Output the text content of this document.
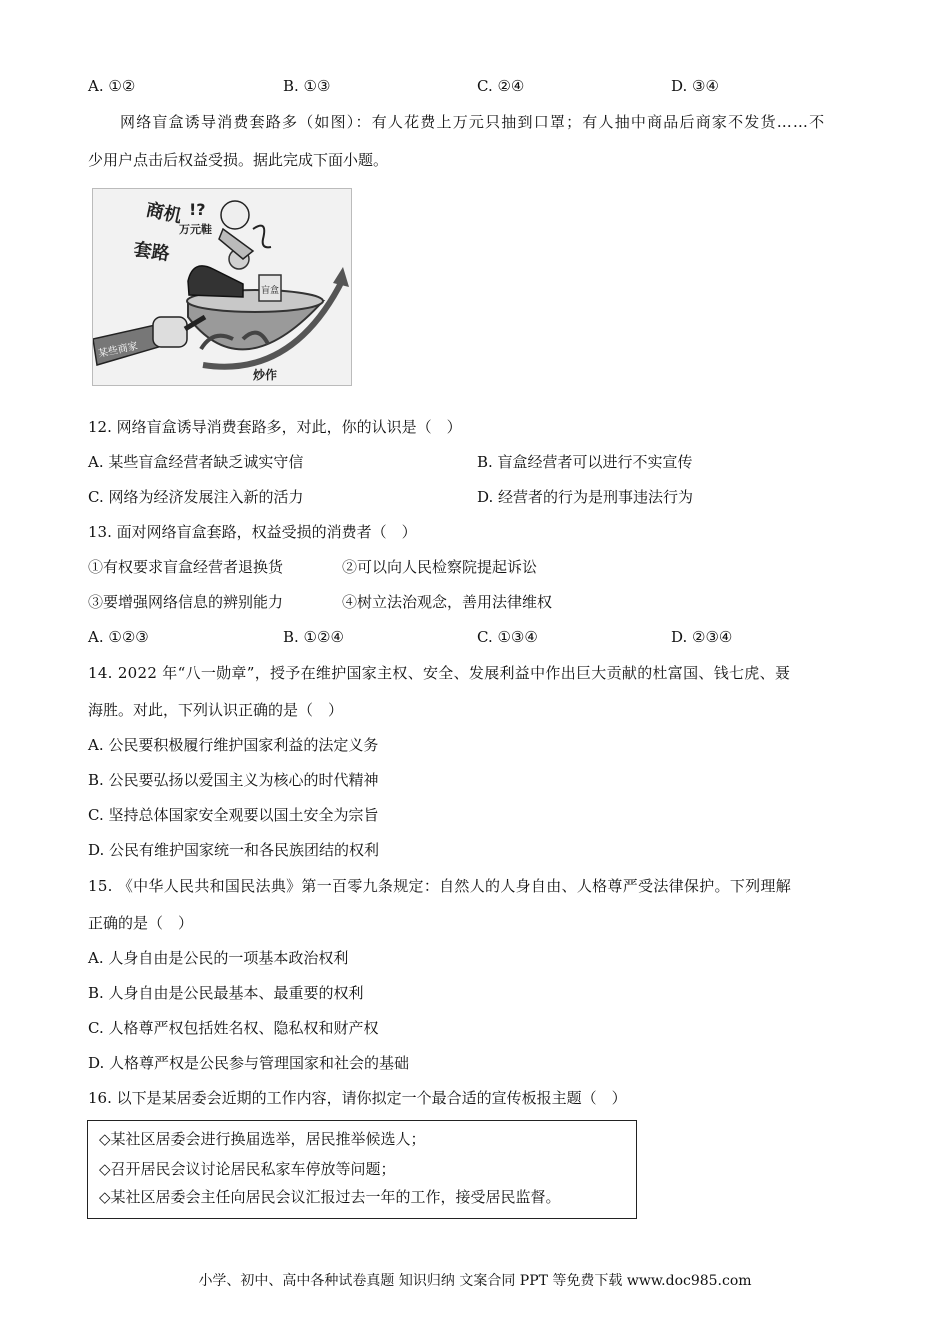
A. ①②	B. ①③	C. ②④	D. ③④
网络盲盒诱导消费套路多（如图）：有人花费上万元只抽到口罩；有人抽中商品后商家不发货……不
少用户点击后权益受损。据此完成下面小题。
商机 !?
套路
万元鞋
盲盒
某些商家
炒作
12. 网络盲盒诱导消费套路多，对此，你的认识是（　）
A. 某些盲盒经营者缺乏诚实守信	B. 盲盒经营者可以进行不实宣传
C. 网络为经济发展注入新的活力	D. 经营者的行为是刑事违法行为
13. 面对网络盲盒套路，权益受损的消费者（　）
①有权要求盲盒经营者退换货	②可以向人民检察院提起诉讼
③要增强网络信息的辨别能力	④树立法治观念，善用法律维权
A. ①②③	B. ①②④	C. ①③④	D. ②③④
14. 2022 年“八一勋章”，授予在维护国家主权、安全、发展利益中作出巨大贡献的杜富国、钱七虎、聂
海胜。对此，下列认识正确的是（　）
A. 公民要积极履行维护国家利益的法定义务
B. 公民要弘扬以爱国主义为核心的时代精神
C. 坚持总体国家安全观要以国土安全为宗旨
D. 公民有维护国家统一和各民族团结的权利
15. 《中华人民共和国民法典》第一百零九条规定：自然人的人身自由、人格尊严受法律保护。下列理解
正确的是（　）
A. 人身自由是公民的一项基本政治权利
B. 人身自由是公民最基本、最重要的权利
C. 人格尊严权包括姓名权、隐私权和财产权
D. 人格尊严权是公民参与管理国家和社会的基础
16. 以下是某居委会近期的工作内容，请你拟定一个最合适的宣传板报主题（　）
◇某社区居委会进行换届选举，居民推举候选人；
◇召开居民会议讨论居民私家车停放等问题；
◇某社区居委会主任向居民会议汇报过去一年的工作，接受居民监督。
小学、初中、高中各种试卷真题 知识归纳 文案合同 PPT 等免费下载 www.doc985.com
